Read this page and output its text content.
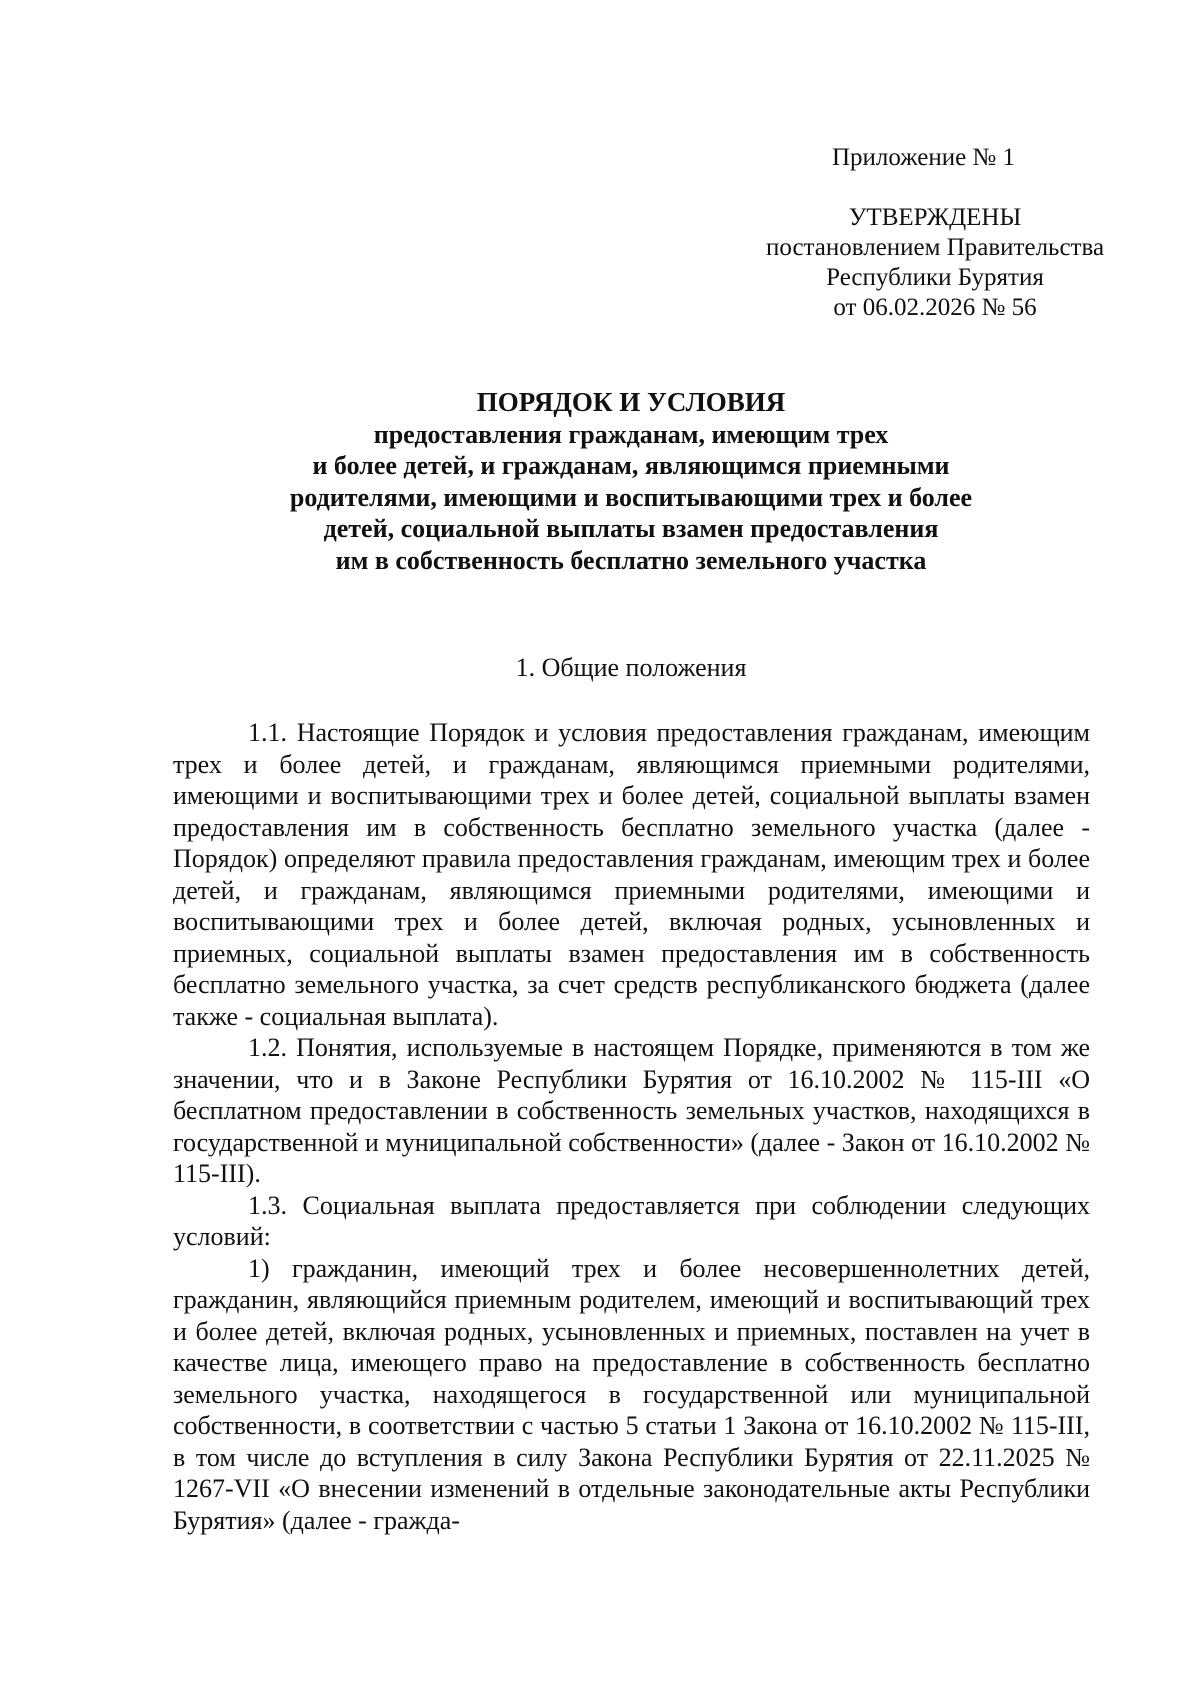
Приложение № 1

УТВЕРЖДЕНЫ
постановлением Правительства
Республики Бурятия
от 06.02.2026 № 56
ПОРЯДОК И УСЛОВИЯ
предоставления гражданам, имеющим трех
и более детей, и гражданам, являющимся приемными
родителями, имеющими и воспитывающими трех и более
детей, социальной выплаты взамен предоставления
им в собственность бесплатно земельного участка
1. Общие положения

1.1. Настоящие Порядок и условия предоставления гражданам, имеющим трех и более детей, и гражданам, являющимся приемными родителями, имеющими и воспитывающими трех и более детей, социальной выплаты взамен предоставления им в собственность бесплатно земельного участка (далее - Порядок) определяют правила предоставления гражданам, имеющим трех и более детей, и гражданам, являющимся приемными родителями, имеющими и воспитывающими трех и более детей, включая родных, усыновленных и приемных, социальной выплаты взамен предоставления им в собственность бесплатно земельного участка, за счет средств республиканского бюджета (далее также - социальная выплата).

1.2. Понятия, используемые в настоящем Порядке, применяются в том же значении, что и в Законе Республики Бурятия от 16.10.2002 № 115-III «О бесплатном предоставлении в собственность земельных участков, находящихся в государственной и муниципальной собственности» (далее - Закон от 16.10.2002 № 115-III).

1.3. Социальная выплата предоставляется при соблюдении следующих условий:

1) гражданин, имеющий трех и более несовершеннолетних детей, гражданин, являющийся приемным родителем, имеющий и воспитывающий трех и более детей, включая родных, усыновленных и приемных, поставлен на учет в качестве лица, имеющего право на предоставление в собственность бесплатно земельного участка, находящегося в государственной или муниципальной собственности, в соответствии с частью 5 статьи 1 Закона от 16.10.2002 № 115-III, в том числе до вступления в силу Закона Республики Бурятия от 22.11.2025 № 1267-VII «О внесении изменений в отдельные законодательные акты Республики Бурятия» (далее - гражда-
